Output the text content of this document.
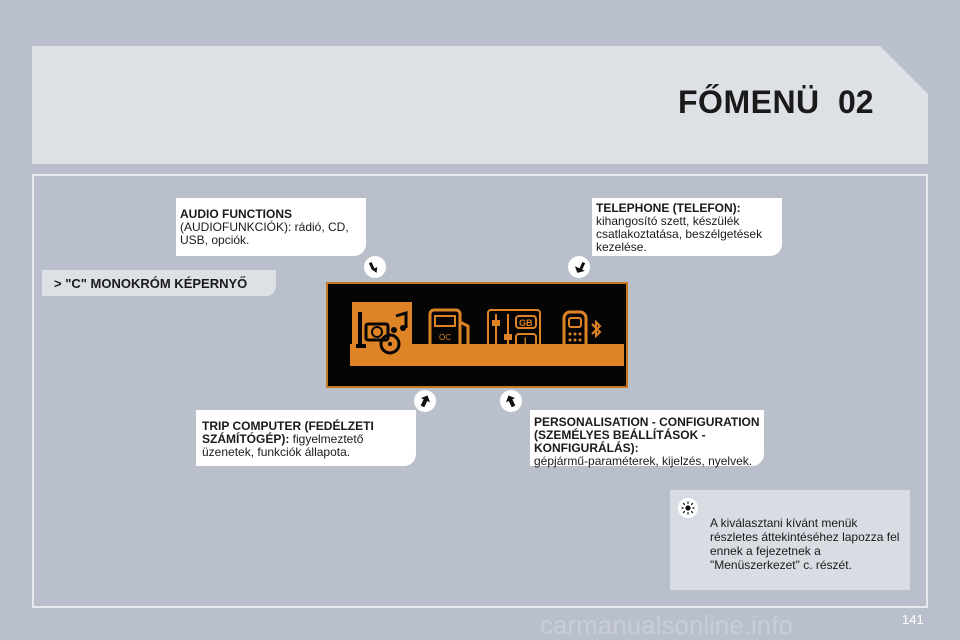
FŐMENÜ 02
AUDIO FUNCTIONS
(AUDIOFUNKCIÓK): rádió, CD, USB, opciók.
TELEPHONE (TELEFON):
kihangosító szett, készülék csatlakoztatása, beszélgetések kezelése.
TRIP COMPUTER (FEDÉLZETI SZÁMÍTÓGÉP): figyelmeztető üzenetek, funkciók állapota.
PERSONALISATION - CONFIGURATION (SZEMÉLYES BEÁLLÍTÁSOK - KONFIGURÁLÁS):
gépjármű-paraméterek, kijelzés, nyelvek.
> "C" MONOKRÓM KÉPERNYŐ
OC
GB
I
A kiválasztani kívánt menük részletes áttekintéséhez lapozza fel ennek a fejezetnek a "Menüszerkezet" c. részét.
carmanualsonline.info	141
